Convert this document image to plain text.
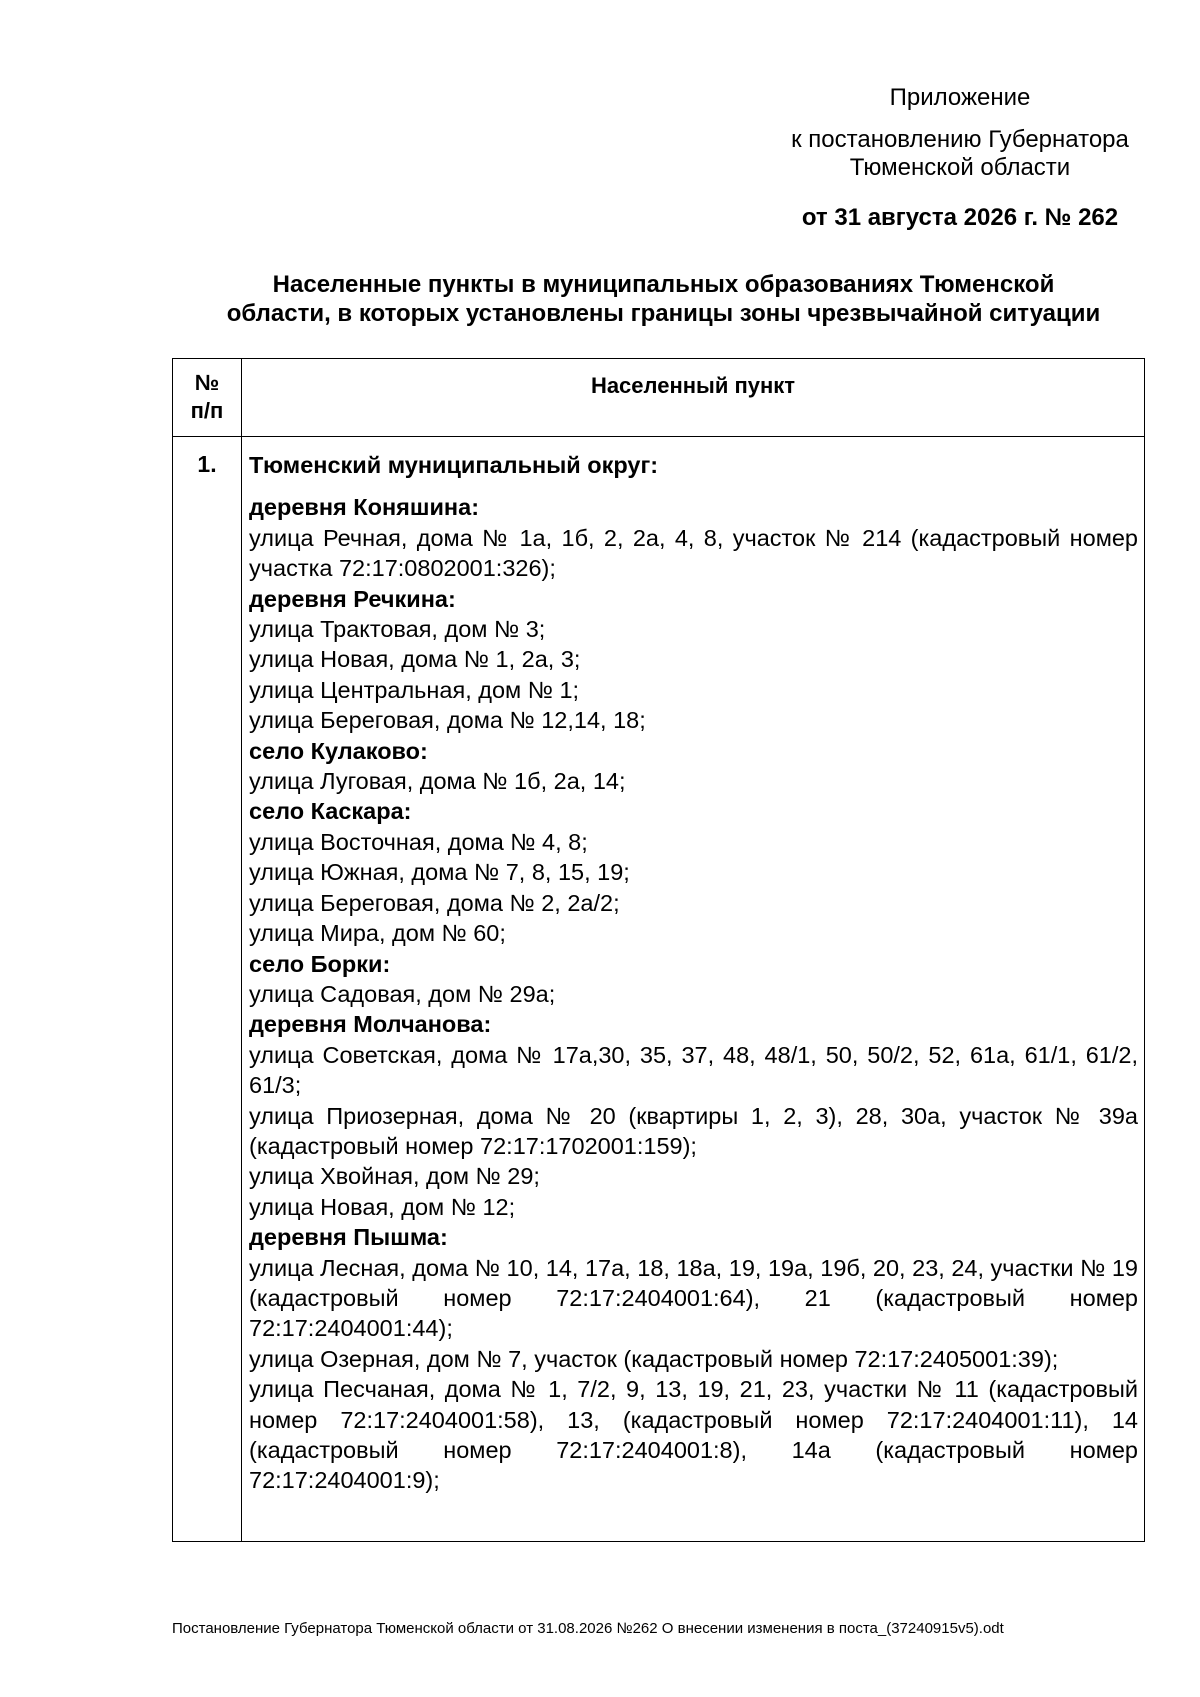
Приложение
к постановлению Губернатора
Тюменской области
от 31 августа 2026 г. № 262
Населенные пункты в муниципальных образованиях Тюменской
области, в которых установлены границы зоны чрезвычайной ситуации
№
п/п
Населенный пункт
1.	Тюменский муниципальный округ:
деревня Коняшина:
улица Речная, дома № 1а, 1б, 2, 2а, 4, 8, участок № 214 (кадастровый номер участка 72:17:0802001:326);
деревня Речкина:
улица Трактовая, дом № 3;
улица Новая, дома № 1, 2а, 3;
улица Центральная, дом № 1;
улица Береговая, дома № 12,14, 18;
село Кулаково:
улица Луговая, дома № 1б, 2а, 14;
село Каскара:
улица Восточная, дома № 4, 8;
улица Южная, дома № 7, 8, 15, 19;
улица Береговая, дома № 2, 2а/2;
улица Мира, дом № 60;
село Борки:
улица Садовая, дом № 29а;
деревня Молчанова:
улица Советская, дома № 17а,30, 35, 37, 48, 48/1, 50, 50/2, 52, 61а, 61/1, 61/2, 61/3;
улица Приозерная, дома № 20 (квартиры 1, 2, 3), 28, 30а, участок № 39а (кадастровый номер 72:17:1702001:159);
улица Хвойная, дом № 29;
улица Новая, дом № 12;
деревня Пышма:
улица Лесная, дома № 10, 14, 17а, 18, 18а, 19, 19а, 19б, 20, 23, 24, участки № 19 (кадастровый номер 72:17:2404001:64), 21 (кадастровый номер 72:17:2404001:44);
улица Озерная, дом № 7, участок (кадастровый номер 72:17:2405001:39);
улица Песчаная, дома № 1, 7/2, 9, 13, 19, 21, 23, участки № 11 (кадастровый номер 72:17:2404001:58), 13, (кадастровый номер 72:17:2404001:11), 14 (кадастровый номер 72:17:2404001:8), 14а (кадастровый номер 72:17:2404001:9);
Постановление Губернатора Тюменской области от 31.08.2026 №262 О внесении изменения в поста_(37240915v5).odt
